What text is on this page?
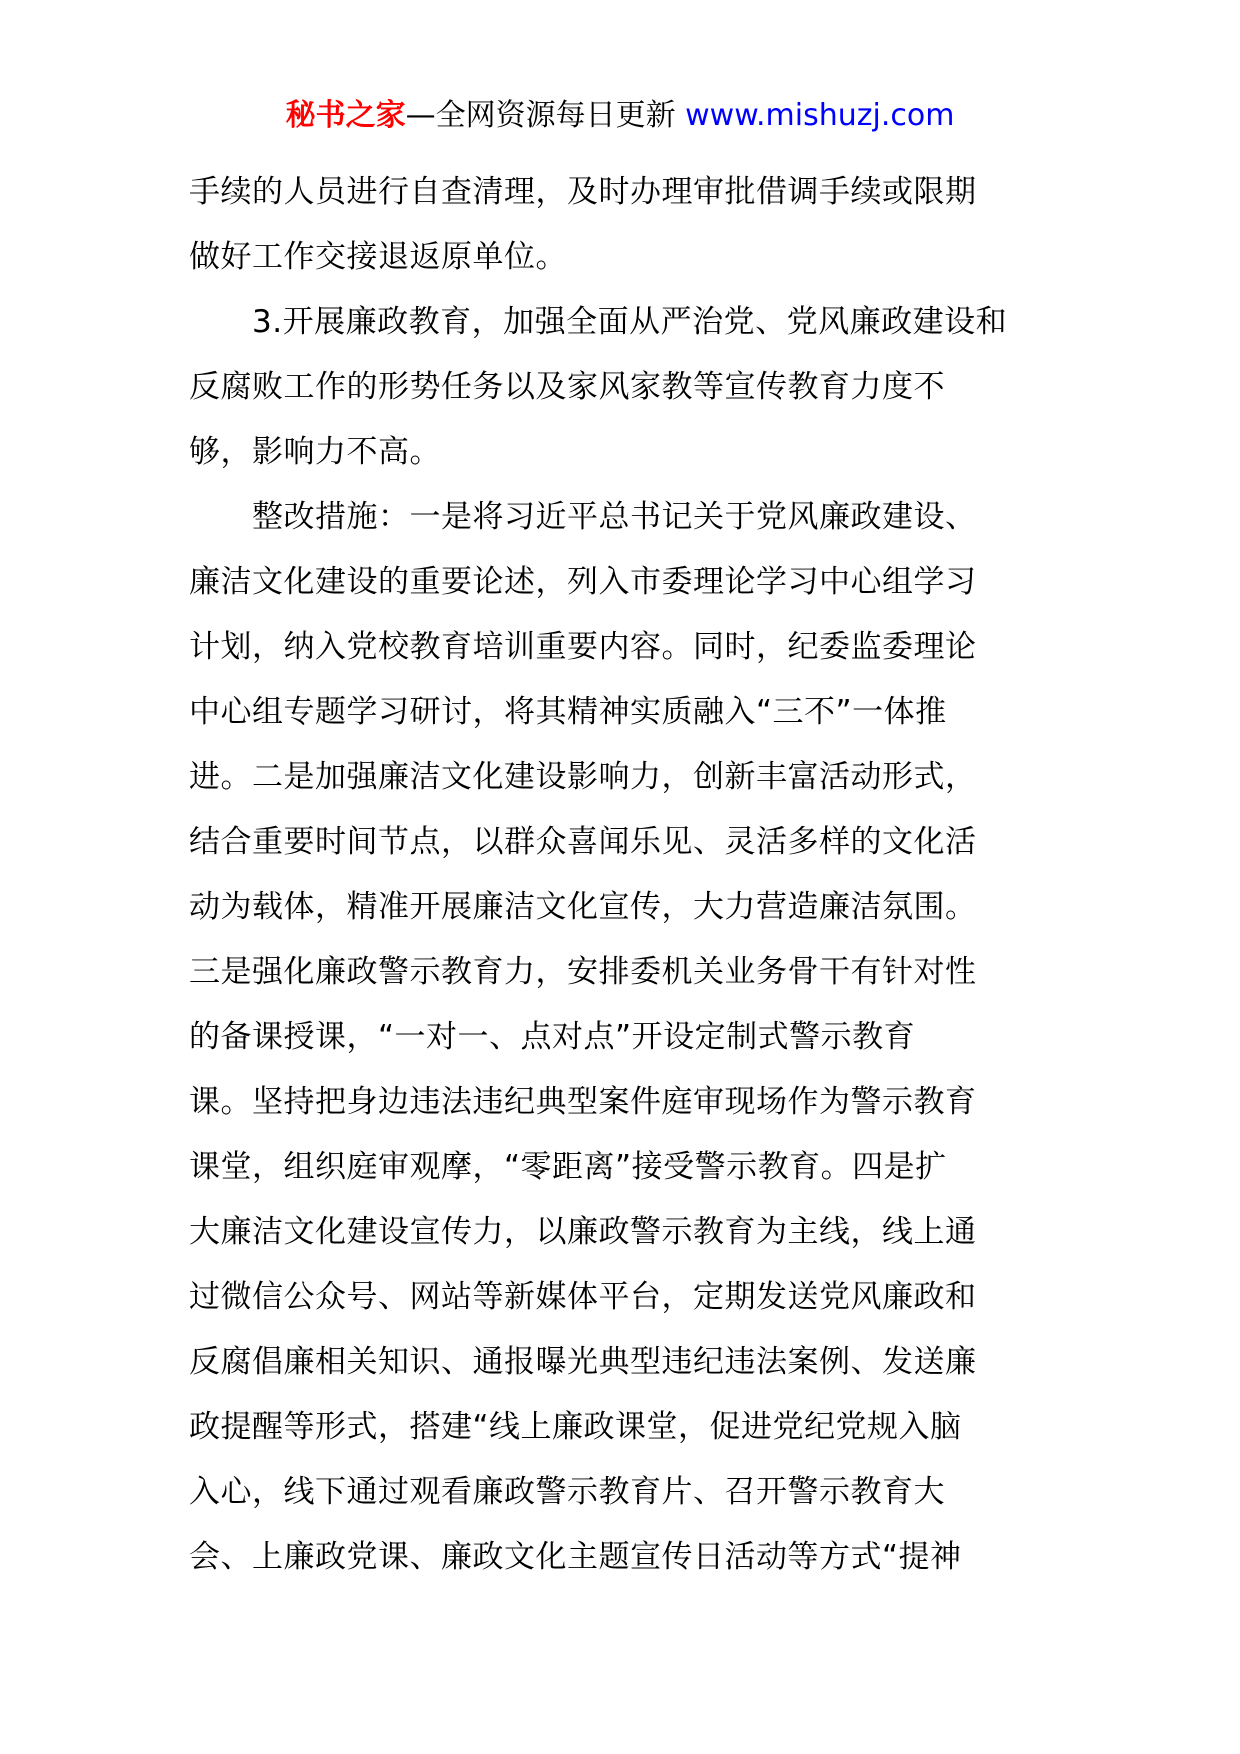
秘书之家—全网资源每日更新 www.mishuzj.com
手续的人员进行自查清理，及时办理审批借调手续或限期
做好工作交接退返原单位。
　　3.开展廉政教育，加强全面从严治党、党风廉政建设和
反腐败工作的形势任务以及家风家教等宣传教育力度不
够，影响力不高。
　　整改措施：一是将习近平总书记关于党风廉政建设、
廉洁文化建设的重要论述，列入市委理论学习中心组学习
计划，纳入党校教育培训重要内容。同时，纪委监委理论
中心组专题学习研讨，将其精神实质融入“三不”一体推
进。二是加强廉洁文化建设影响力，创新丰富活动形式，
结合重要时间节点，以群众喜闻乐见、灵活多样的文化活
动为载体，精准开展廉洁文化宣传，大力营造廉洁氛围。
三是强化廉政警示教育力，安排委机关业务骨干有针对性
的备课授课，“一对一、点对点”开设定制式警示教育
课。坚持把身边违法违纪典型案件庭审现场作为警示教育
课堂，组织庭审观摩，“零距离”接受警示教育。四是扩
大廉洁文化建设宣传力，以廉政警示教育为主线，线上通
过微信公众号、网站等新媒体平台，定期发送党风廉政和
反腐倡廉相关知识、通报曝光典型违纪违法案例、发送廉
政提醒等形式，搭建“线上廉政课堂，促进党纪党规入脑
入心，线下通过观看廉政警示教育片、召开警示教育大
会、上廉政党课、廉政文化主题宣传日活动等方式“提神
